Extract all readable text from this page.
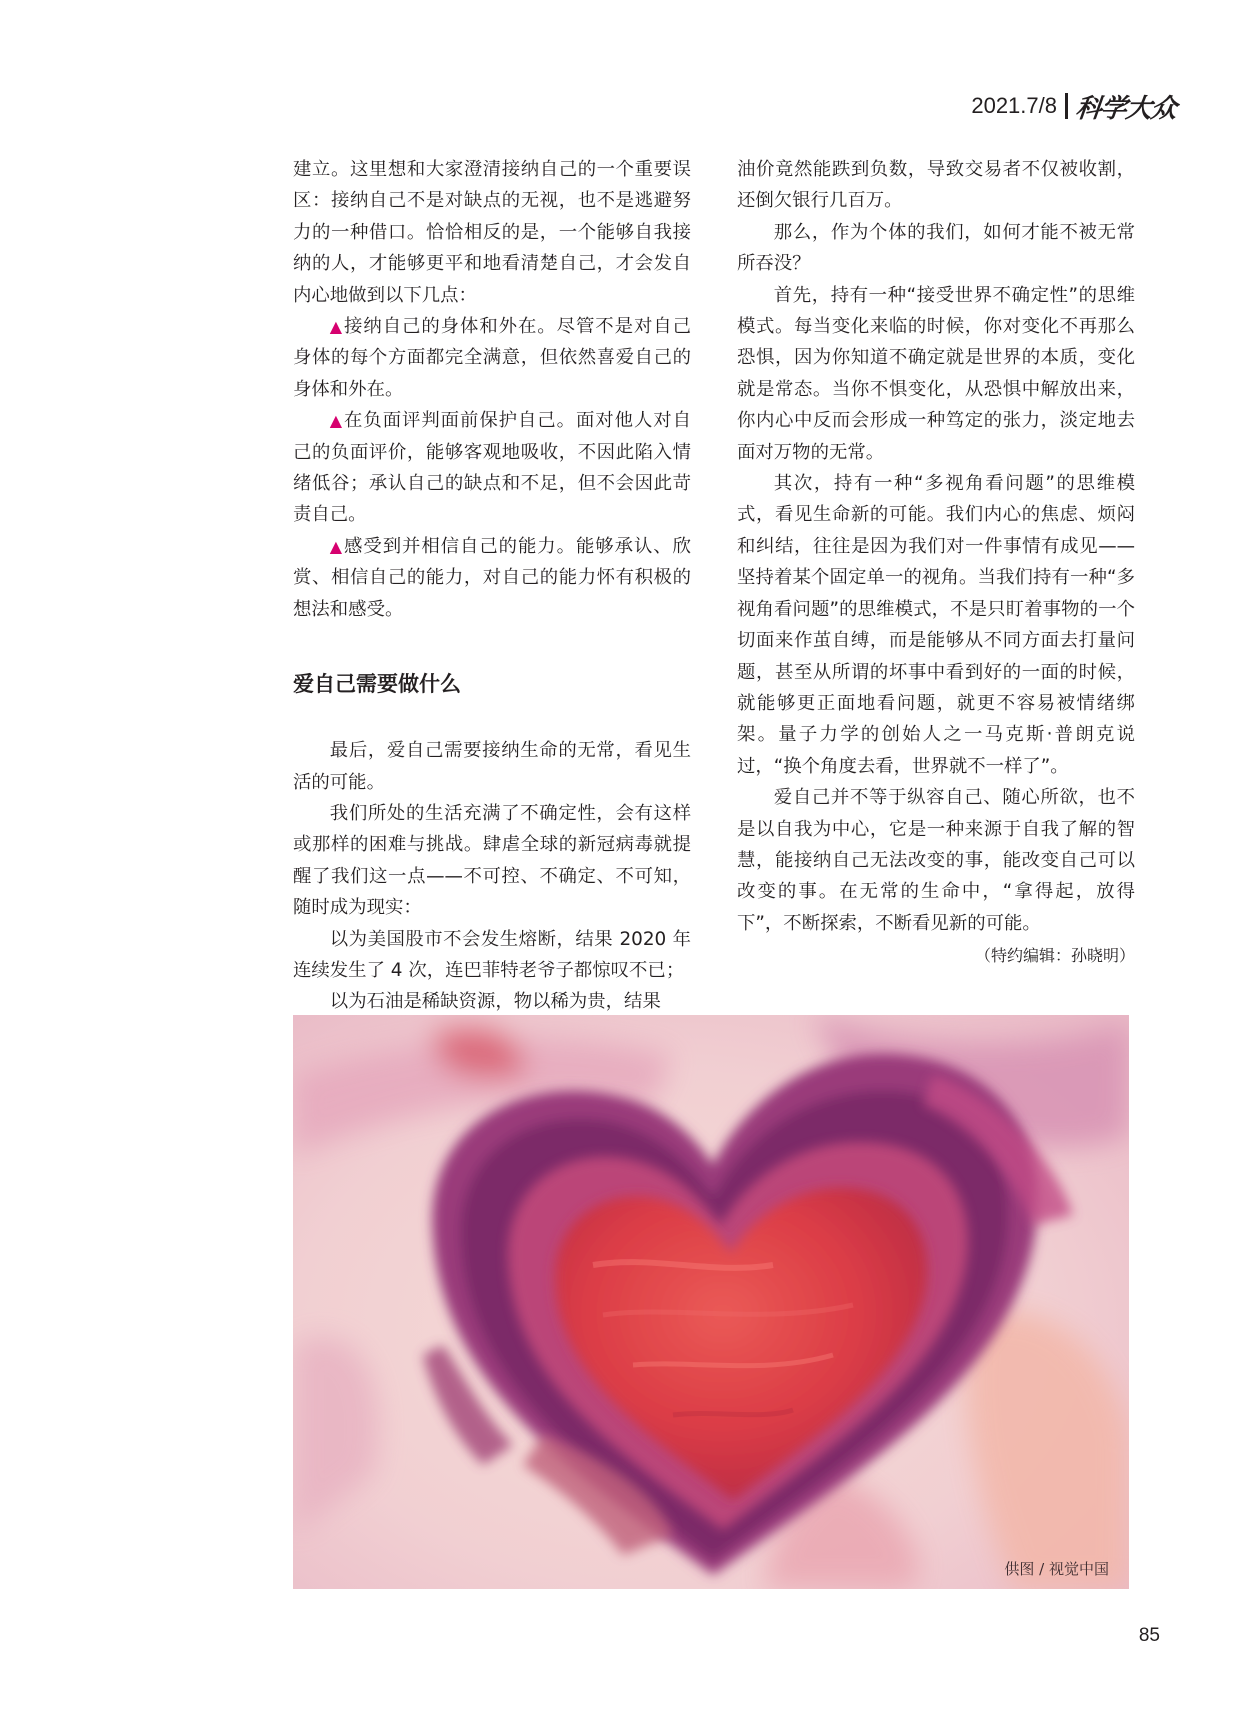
2021.7/8 科学大众

建立。这里想和大家澄清接纳自己的一个重要误区：接纳自己不是对缺点的无视，也不是逃避努力的一种借口。恰恰相反的是，一个能够自我接纳的人，才能够更平和地看清楚自己，才会发自内心地做到以下几点：

▲接纳自己的身体和外在。尽管不是对自己身体的每个方面都完全满意，但依然喜爱自己的身体和外在。

▲在负面评判面前保护自己。面对他人对自己的负面评价，能够客观地吸收，不因此陷入情绪低谷；承认自己的缺点和不足，但不会因此苛责自己。

▲感受到并相信自己的能力。能够承认、欣赏、相信自己的能力，对自己的能力怀有积极的想法和感受。

爱自己需要做什么

最后，爱自己需要接纳生命的无常，看见生活的可能。

我们所处的生活充满了不确定性，会有这样或那样的困难与挑战。肆虐全球的新冠病毒就提醒了我们这一点——不可控、不确定、不可知，随时成为现实：

以为美国股市不会发生熔断，结果 2020 年连续发生了 4 次，连巴菲特老爷子都惊叹不已；

以为石油是稀缺资源，物以稀为贵，结果

油价竟然能跌到负数，导致交易者不仅被收割，还倒欠银行几百万。

那么，作为个体的我们，如何才能不被无常所吞没？

首先，持有一种“接受世界不确定性”的思维模式。每当变化来临的时候，你对变化不再那么恐惧，因为你知道不确定就是世界的本质，变化就是常态。当你不惧变化，从恐惧中解放出来，你内心中反而会形成一种笃定的张力，淡定地去面对万物的无常。

其次，持有一种“多视角看问题”的思维模式，看见生命新的可能。我们内心的焦虑、烦闷和纠结，往往是因为我们对一件事情有成见——坚持着某个固定单一的视角。当我们持有一种“多视角看问题”的思维模式，不是只盯着事物的一个切面来作茧自缚，而是能够从不同方面去打量问题，甚至从所谓的坏事中看到好的一面的时候，就能够更正面地看问题，就更不容易被情绪绑架。量子力学的创始人之一马克斯·普朗克说过，“换个角度去看，世界就不一样了”。

爱自己并不等于纵容自己、随心所欲，也不是以自我为中心，它是一种来源于自我了解的智慧，能接纳自己无法改变的事，能改变自己可以改变的事。在无常的生命中，“拿得起，放得下”，不断探索，不断看见新的可能。

（特约编辑：孙晓明）
供图 / 视觉中国
85
